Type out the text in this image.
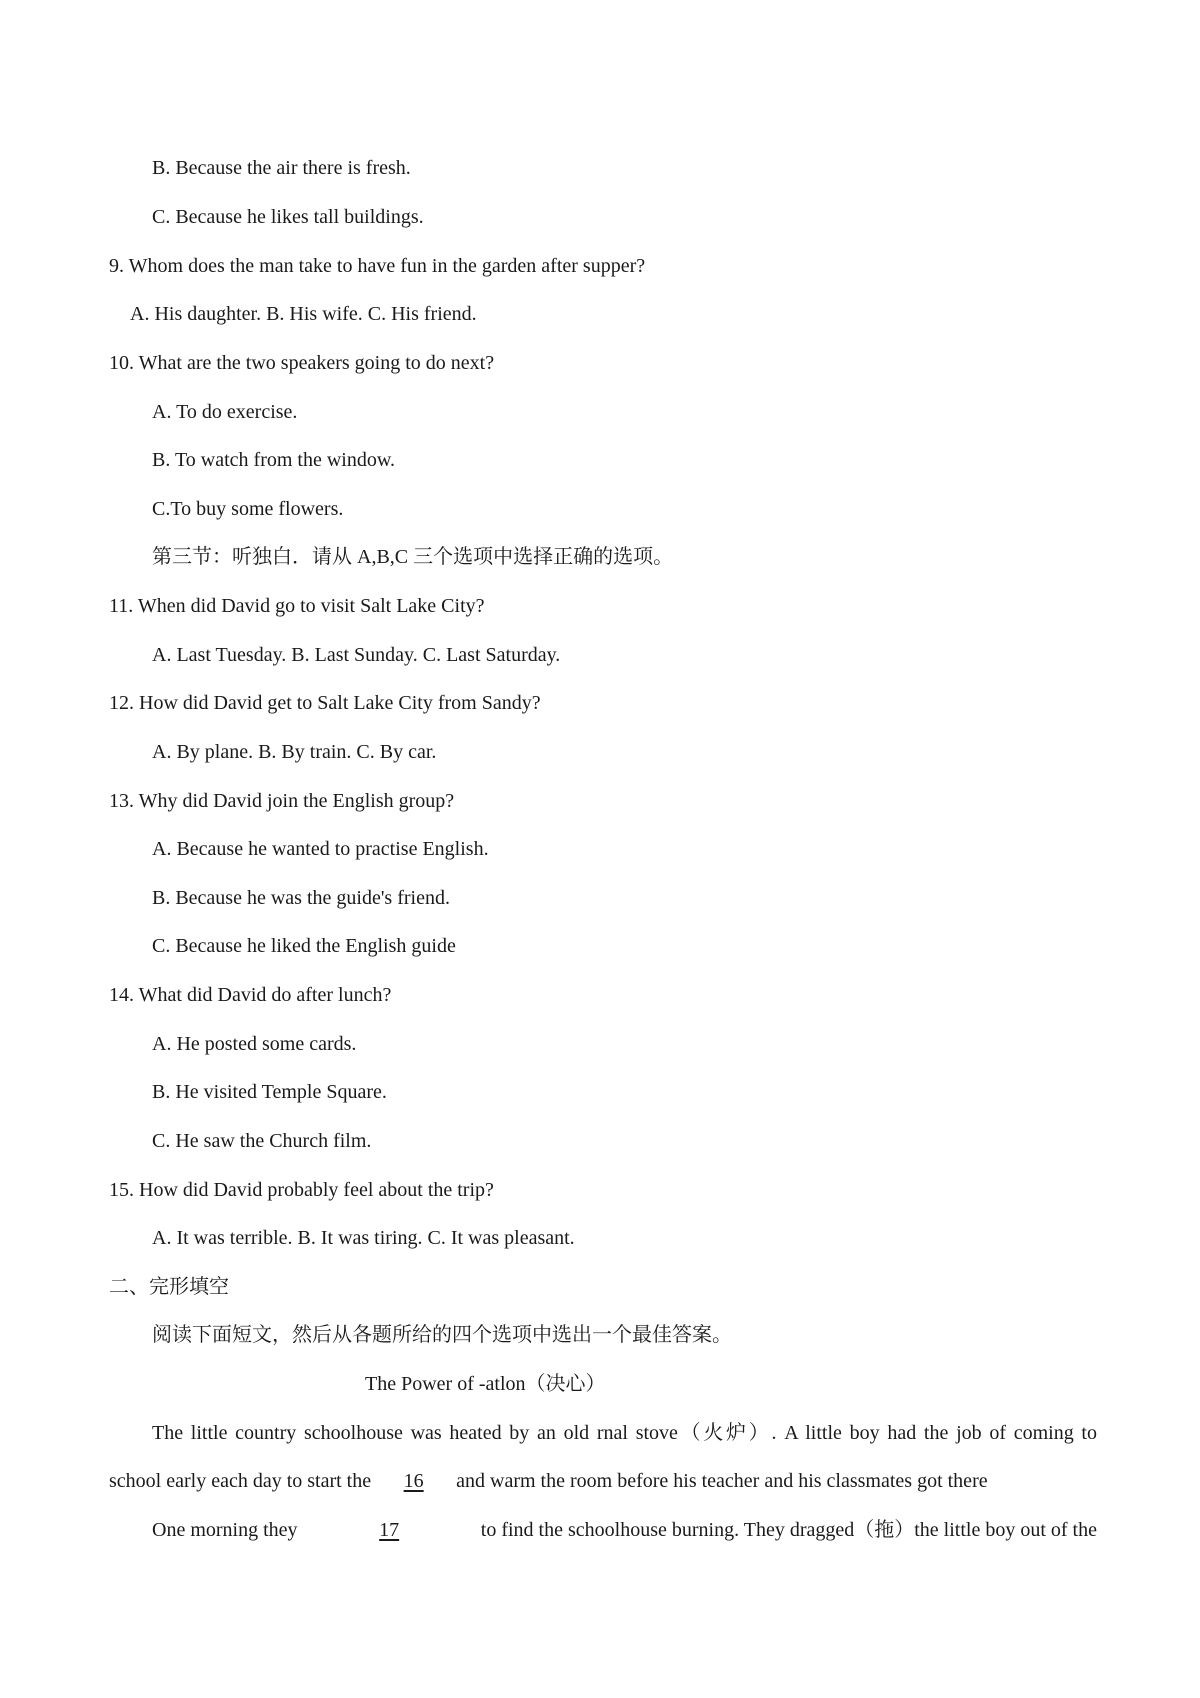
B. Because the air there is fresh.
C. Because he likes tall buildings.
9. Whom does the man take to have fun in the garden after supper?
A. His daughter. B. His wife. C. His friend.
10. What are the two speakers going to do next?
A. To do exercise.
B. To watch from the window.
C.To buy some flowers.
第三节：听独白．请从 A,B,C 三个选项中选择正确的选项。
11. When did David go to visit Salt Lake City?
A. Last Tuesday. B. Last Sunday. C. Last Saturday.
12. How did David get to Salt Lake City from Sandy?
A. By plane. B. By train. C. By car.
13. Why did David join the English group?
A. Because he wanted to practise English.
B. Because he was the guide's friend.
C. Because he liked the English guide
14. What did David do after lunch?
A. He posted some cards.
B. He visited Temple Square.
C. He saw the Church film.
15. How did David probably feel about the trip?
A. It was terrible. B. It was tiring. C. It was pleasant.
二、完形填空
阅读下面短文，然后从各题所给的四个选项中选出一个最佳答案。
The Power of -atlon（决心）
The little country schoolhouse was heated by an old rnal stove（火炉）. A little boy had the job of coming to
school early each day to start the 16 and warm the room before his teacher and his classmates got there
One morning they	17	to find the schoolhouse burning. They dragged（拖）the little boy out of the
